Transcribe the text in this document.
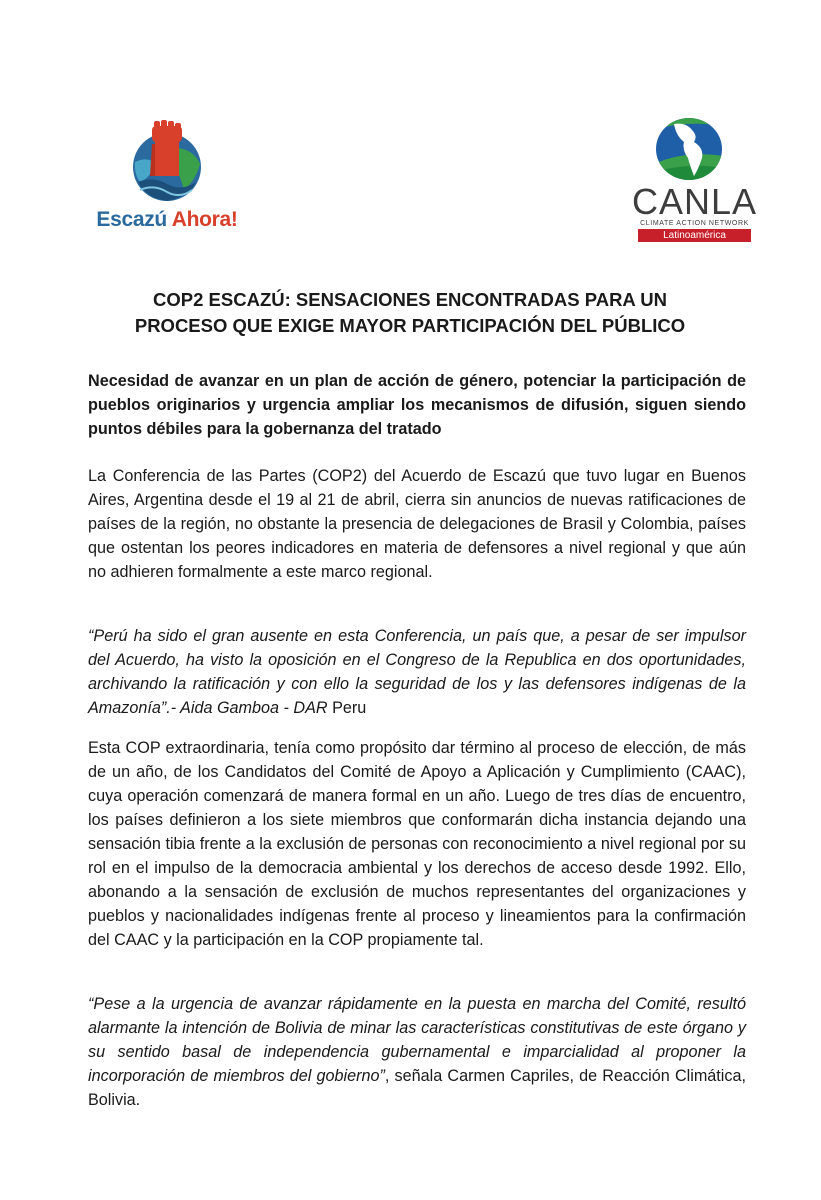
Escazú Ahora!	CANLA
CLIMATE ACTION NETWORK
Latinoamérica
COP2 ESCAZÚ: SENSACIONES ENCONTRADAS PARA UN
PROCESO QUE EXIGE MAYOR PARTICIPACIÓN DEL PÚBLICO

Necesidad de avanzar en un plan de acción de género, potenciar la participación de pueblos originarios y urgencia ampliar los mecanismos de difusión, siguen siendo puntos débiles para la gobernanza del tratado

La Conferencia de las Partes (COP2) del Acuerdo de Escazú que tuvo lugar en Buenos Aires, Argentina desde el 19 al 21 de abril, cierra sin anuncios de nuevas ratificaciones de países de la región, no obstante la presencia de delegaciones de Brasil y Colombia, países que ostentan los peores indicadores en materia de defensores a nivel regional y que aún no adhieren formalmente a este marco regional.

“Perú ha sido el gran ausente en esta Conferencia, un país que, a pesar de ser impulsor del Acuerdo, ha visto la oposición en el Congreso de la Republica en dos oportunidades, archivando la ratificación y con ello la seguridad de los y las defensores indígenas de la Amazonía”.- Aida Gamboa - DAR Peru

Esta COP extraordinaria, tenía como propósito dar término al proceso de elección, de más de un año, de los Candidatos del Comité de Apoyo a Aplicación y Cumplimiento (CAAC), cuya operación comenzará de manera formal en un año. Luego de tres días de encuentro, los países definieron a los siete miembros que conformarán dicha instancia dejando una sensación tibia frente a la exclusión de personas con reconocimiento a nivel regional por su rol en el impulso de la democracia ambiental y los derechos de acceso desde 1992. Ello, abonando a la sensación de exclusión de muchos representantes del organizaciones y pueblos y nacionalidades indígenas frente al proceso y lineamientos para la confirmación del CAAC y la participación en la COP propiamente tal.

“Pese a la urgencia de avanzar rápidamente en la puesta en marcha del Comité, resultó alarmante la intención de Bolivia de minar las características constitutivas de este órgano y su sentido basal de independencia gubernamental e imparcialidad al proponer la incorporación de miembros del gobierno”, señala Carmen Capriles, de Reacción Climática, Bolivia.
